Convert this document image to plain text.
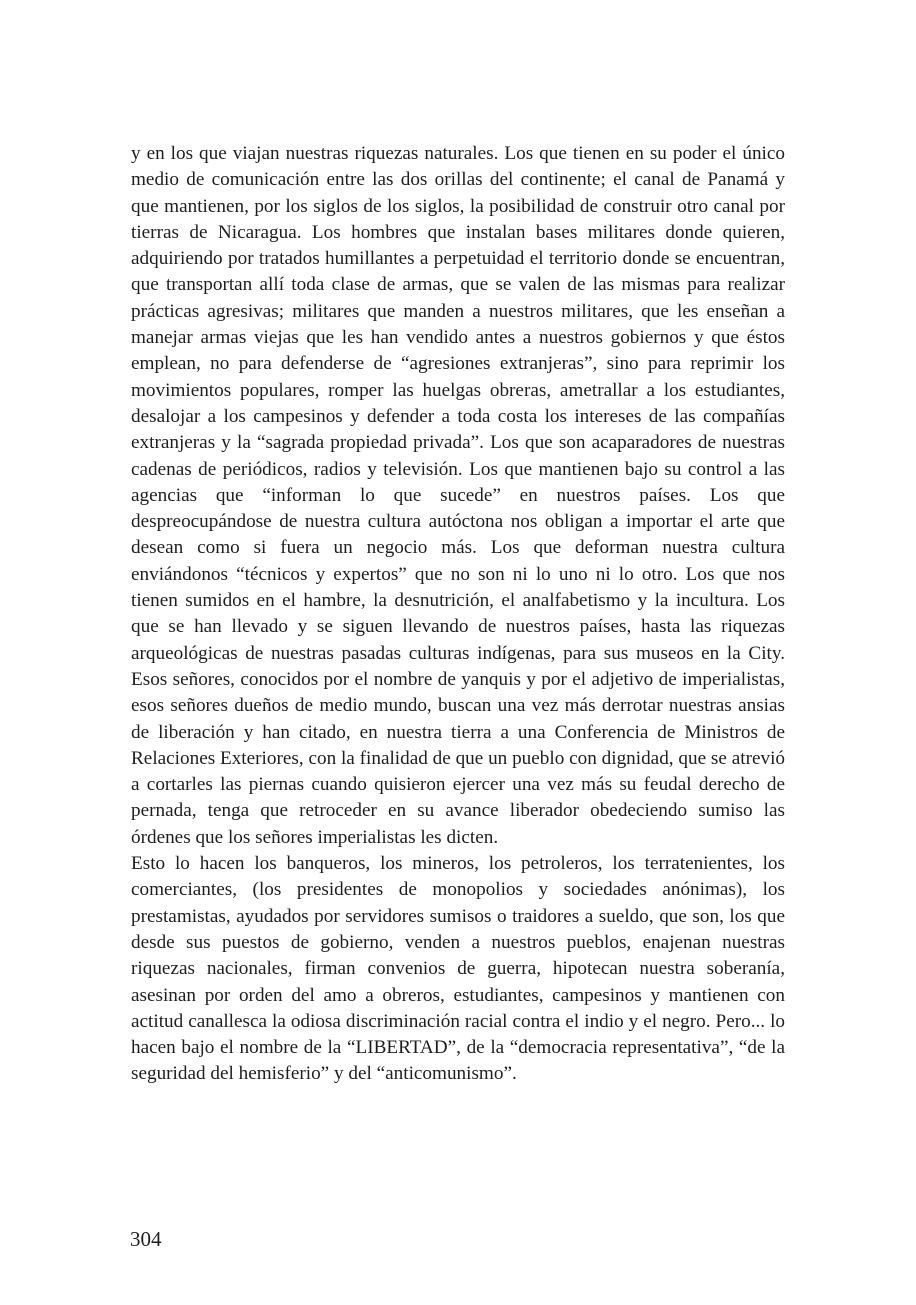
y en los que viajan nuestras riquezas naturales. Los que tienen en su poder el único medio de comunicación entre las dos orillas del continente; el canal de Panamá y que mantienen, por los siglos de los siglos, la posibilidad de construir otro canal por tierras de Nicaragua. Los hombres que instalan bases militares donde quieren, adquiriendo por tratados humillantes a perpetuidad el territorio donde se encuentran, que transportan allí toda clase de armas, que se valen de las mismas para realizar prácticas agresivas; militares que manden a nuestros militares, que les enseñan a manejar armas viejas que les han vendido antes a nuestros gobiernos y que éstos emplean, no para defenderse de “agresiones extranjeras”, sino para reprimir los movimientos populares, romper las huelgas obreras, ametrallar a los estudiantes, desalojar a los campesinos y defender a toda costa los intereses de las compañías extranjeras y la “sagrada propiedad privada”. Los que son acaparadores de nuestras cadenas de periódicos, radios y televisión. Los que mantienen bajo su control a las agencias que “informan lo que sucede” en nuestros países. Los que despreocupándose de nuestra cultura autóctona nos obligan a importar el arte que desean como si fuera un negocio más. Los que deforman nuestra cultura enviándonos “técnicos y expertos” que no son ni lo uno ni lo otro. Los que nos tienen sumidos en el hambre, la desnutrición, el analfabetismo y la incultura. Los que se han llevado y se siguen llevando de nuestros países, hasta las riquezas arqueológicas de nuestras pasadas culturas indígenas, para sus museos en la City. Esos señores, conocidos por el nombre de yanquis y por el adjetivo de imperialistas, esos señores dueños de medio mundo, buscan una vez más derrotar nuestras ansias de liberación y han citado, en nuestra tierra a una Conferencia de Ministros de Relaciones Exteriores, con la finalidad de que un pueblo con dignidad, que se atrevió a cortarles las piernas cuando quisieron ejercer una vez más su feudal derecho de pernada, tenga que retroceder en su avance liberador obedeciendo sumiso las órdenes que los señores imperialistas les dicten.

Esto lo hacen los banqueros, los mineros, los petroleros, los terratenientes, los comerciantes, (los presidentes de monopolios y sociedades anónimas), los prestamistas, ayudados por servidores sumisos o traidores a sueldo, que son, los que desde sus puestos de gobierno, venden a nuestros pueblos, enajenan nuestras riquezas nacionales, firman convenios de guerra, hipotecan nuestra soberanía, asesinan por orden del amo a obreros, estudiantes, campesinos y mantienen con actitud canallesca la odiosa discriminación racial contra el indio y el negro. Pero... lo hacen bajo el nombre de la “LIBERTAD”, de la “democracia representativa”, “de la seguridad del hemisferio” y del “anticomunismo”.

304
